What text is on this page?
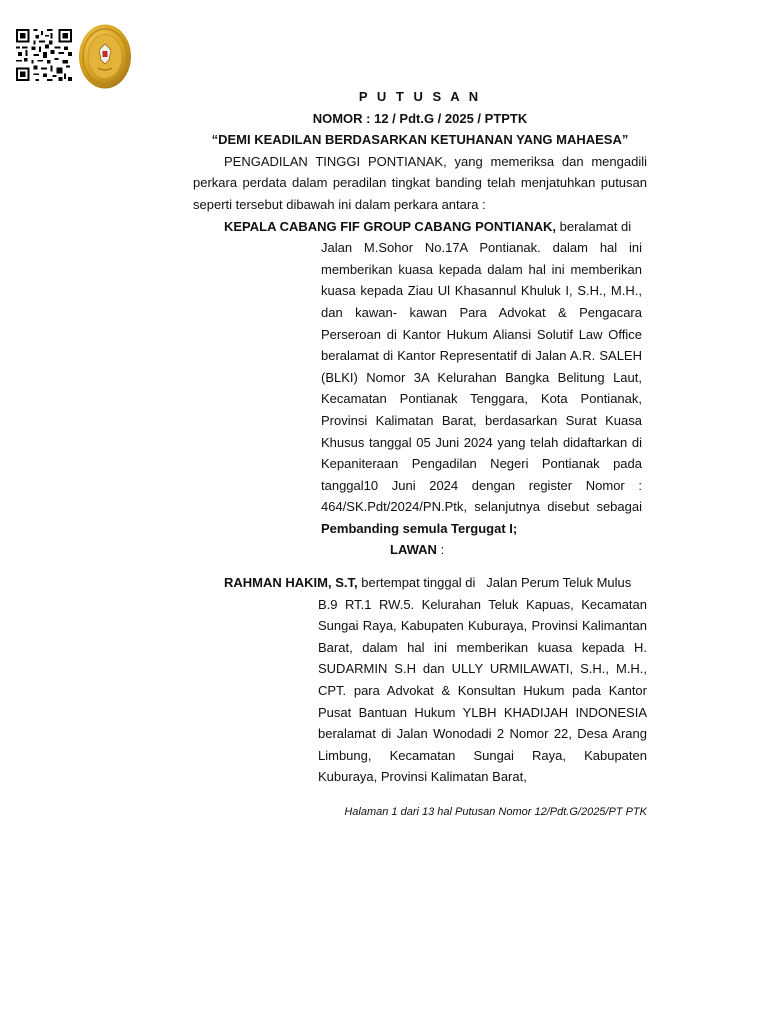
P U T U S A N

NOMOR : 12 / Pdt.G / 2025 / PTPTK

“DEMI KEADILAN BERDASARKAN KETUHANAN YANG MAHAESA”

PENGADILAN TINGGI PONTIANAK, yang memeriksa dan mengadili perkara perdata dalam peradilan tingkat banding telah menjatuhkan putusan seperti tersebut dibawah ini dalam perkara antara :

KEPALA CABANG FIF GROUP CABANG PONTIANAK, beralamat di

Jalan M.Sohor No.17A Pontianak. dalam hal ini memberikan kuasa kepada dalam hal ini memberikan kuasa kepada Ziau Ul Khasannul Khuluk I, S.H., M.H., dan kawan- kawan Para Advokat & Pengacara Perseroan di Kantor Hukum Aliansi Solutif Law Office beralamat di Kantor Representatif di Jalan A.R. SALEH (BLKI) Nomor 3A Kelurahan Bangka Belitung Laut, Kecamatan Pontianak Tenggara, Kota Pontianak, Provinsi Kalimatan Barat, berdasarkan Surat Kuasa Khusus tanggal 05 Juni 2024 yang telah didaftarkan di Kepaniteraan Pengadilan Negeri Pontianak pada tanggal10 Juni 2024 dengan register Nomor : 464/SK.Pdt/2024/PN.Ptk, selanjutnya disebut sebagai Pembanding semula Tergugat I;

LAWAN :

RAHMAN HAKIM, S.T, bertempat tinggal di   Jalan Perum Teluk Mulus

B.9 RT.1 RW.5. Kelurahan Teluk Kapuas, Kecamatan Sungai Raya, Kabupaten Kuburaya, Provinsi Kalimantan Barat, dalam hal ini memberikan kuasa kepada H. SUDARMIN S.H dan ULLY URMILAWATI, S.H., M.H., CPT. para Advokat & Konsultan Hukum pada Kantor Pusat Bantuan Hukum YLBH KHADIJAH INDONESIA beralamat di Jalan Wonodadi 2 Nomor 22, Desa Arang Limbung, Kecamatan Sungai Raya, Kabupaten Kuburaya, Provinsi Kalimatan Barat,

Halaman 1 dari 13 hal Putusan Nomor 12/Pdt.G/2025/PT PTK
